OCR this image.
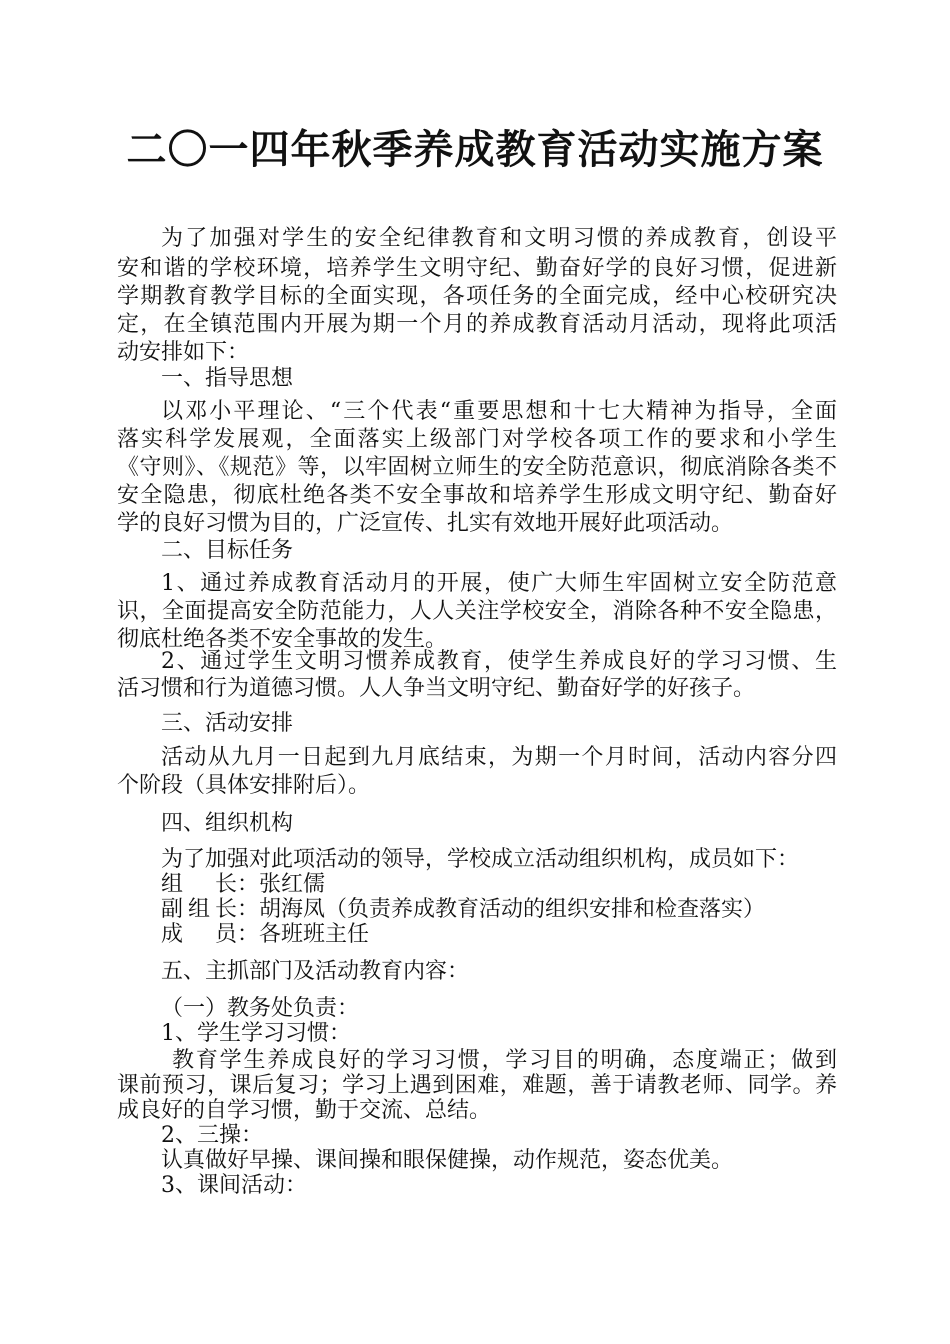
二〇一四年秋季养成教育活动实施方案
为了加强对学生的安全纪律教育和文明习惯的养成教育，创设平
安和谐的学校环境，培养学生文明守纪、勤奋好学的良好习惯，促进新
学期教育教学目标的全面实现，各项任务的全面完成，经中心校研究决
定，在全镇范围内开展为期一个月的养成教育活动月活动，现将此项活
动安排如下：
一、指导思想
以邓小平理论、“三个代表“重要思想和十七大精神为指导，全面
落实科学发展观，全面落实上级部门对学校各项工作的要求和小学生
《守则》、《规范》等，以牢固树立师生的安全防范意识，彻底消除各类不
安全隐患，彻底杜绝各类不安全事故和培养学生形成文明守纪、勤奋好
学的良好习惯为目的，广泛宣传、扎实有效地开展好此项活动。
二、目标任务
1、通过养成教育活动月的开展，使广大师生牢固树立安全防范意
识，全面提高安全防范能力，人人关注学校安全，消除各种不安全隐患，
彻底杜绝各类不安全事故的发生。
2、通过学生文明习惯养成教育，使学生养成良好的学习习惯、生
活习惯和行为道德习惯。人人争当文明守纪、勤奋好学的好孩子。
三、活动安排
活动从九月一日起到九月底结束，为期一个月时间，活动内容分四
个阶段（具体安排附后）。
四、组织机构
为了加强对此项活动的领导，学校成立活动组织机构，成员如下：
组长：张红儒
副组长：胡海凤（负责养成教育活动的组织安排和检查落实）
成员：各班班主任
五、主抓部门及活动教育内容：
（一）教务处负责：
1、学生学习习惯：
教育学生养成良好的学习习惯，学习目的明确，态度端正；做到
课前预习，课后复习；学习上遇到困难，难题，善于请教老师、同学。养
成良好的自学习惯，勤于交流、总结。
2、三操：
认真做好早操、课间操和眼保健操，动作规范，姿态优美。
3、课间活动：
